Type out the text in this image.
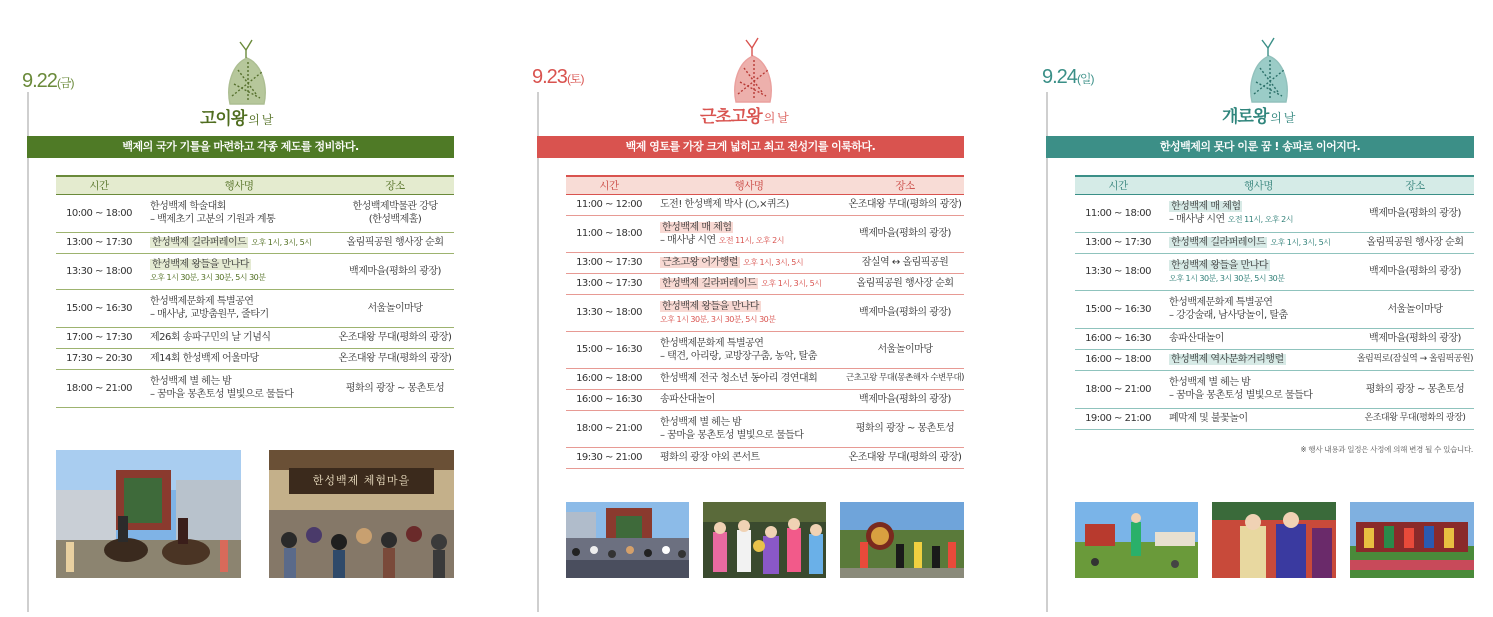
9.22(금)
고이왕 의 날
백제의 국가 기틀을 마련하고 각종 제도를 정비하다.
시간	행사명	장소
10:00 ~ 18:00	한성백제 학술대회
– 백제초기 고분의 기원과 계통	한성백제박물관 강당
(한성백제홀)
13:00 ~ 17:30	한성백제 길라퍼레이드 오후 1시, 3시, 5시	올림픽공원 행사장 순회
13:30 ~ 18:00	한성백제 왕들을 만나다
오후 1시 30분, 3시 30분, 5시 30분	백제마을(평화의 광장)
15:00 ~ 16:30	한성백제문화제 특별공연
– 매사냥, 교방춤원무, 줄타기	서울놀이마당
17:00 ~ 17:30	제26회 송파구민의 날 기념식	온조대왕 무대(평화의 광장)
17:30 ~ 20:30	제14회 한성백제 어울마당	온조대왕 무대(평화의 광장)
18:00 ~ 21:00	한성백제 별 헤는 밤
– 꿈마을 몽촌토성 별빛으로 물들다	평화의 광장 ~ 몽촌토성
한성백제 체험마을
9.23(토)
근초고왕 의 날
백제 영토를 가장 크게 넓히고 최고 전성기를 이룩하다.
시간	행사명	장소
11:00 ~ 12:00	도전! 한성백제 박사 (○,×퀴즈)	온조대왕 무대(평화의 광장)
11:00 ~ 18:00	한성백제 매 체험
– 매사냥 시연 오전 11시, 오후 2시	백제마을(평화의 광장)
13:00 ~ 17:30	근초고왕 어가행렬 오후 1시, 3시, 5시	잠실역 ↔ 올림픽공원
13:00 ~ 17:30	한성백제 길라퍼레이드 오후 1시, 3시, 5시	올림픽공원 행사장 순회
13:30 ~ 18:00	한성백제 왕들을 만나다
오후 1시 30분, 3시 30분, 5시 30분	백제마을(평화의 광장)
15:00 ~ 16:30	한성백제문화제 특별공연
– 택견, 아리랑, 교방장구춤, 농악, 탈춤	서울놀이마당
16:00 ~ 18:00	한성백제 전국 청소년 동아리 경연대회	근초고왕 무대(몽촌해자 수변무대)
16:00 ~ 16:30	송파산대놀이	백제마을(평화의 광장)
18:00 ~ 21:00	한성백제 별 헤는 밤
– 꿈마을 몽촌토성 별빛으로 물들다	평화의 광장 ~ 몽촌토성
19:30 ~ 21:00	평화의 광장 야외 콘서트	온조대왕 무대(평화의 광장)
9.24(일)
개로왕 의 날
한성백제의 못다 이룬 꿈 ! 송파로 이어지다.
시간	행사명	장소
11:00 ~ 18:00	한성백제 매 체험
– 매사냥 시연 오전 11시, 오후 2시	백제마을(평화의 광장)
13:00 ~ 17:30	한성백제 길라퍼레이드 오후 1시, 3시, 5시	올림픽공원 행사장 순회
13:30 ~ 18:00	한성백제 왕들을 만나다
오후 1시 30분, 3시 30분, 5시 30분	백제마을(평화의 광장)
15:00 ~ 16:30	한성백제문화제 특별공연
– 강강술래, 남사당놀이, 탈춤	서울놀이마당
16:00 ~ 16:30	송파산대놀이	백제마을(평화의 광장)
16:00 ~ 18:00	한성백제 역사문화거리행렬	올림픽로(잠실역 → 올림픽공원)
18:00 ~ 21:00	한성백제 별 헤는 밤
– 꿈마을 몽촌토성 별빛으로 물들다	평화의 광장 ~ 몽촌토성
19:00 ~ 21:00	폐막제 및 불꽃놀이	온조대왕 무대(평화의 광장)
※ 행사 내용과 일정은 사정에 의해 변경 될 수 있습니다.
